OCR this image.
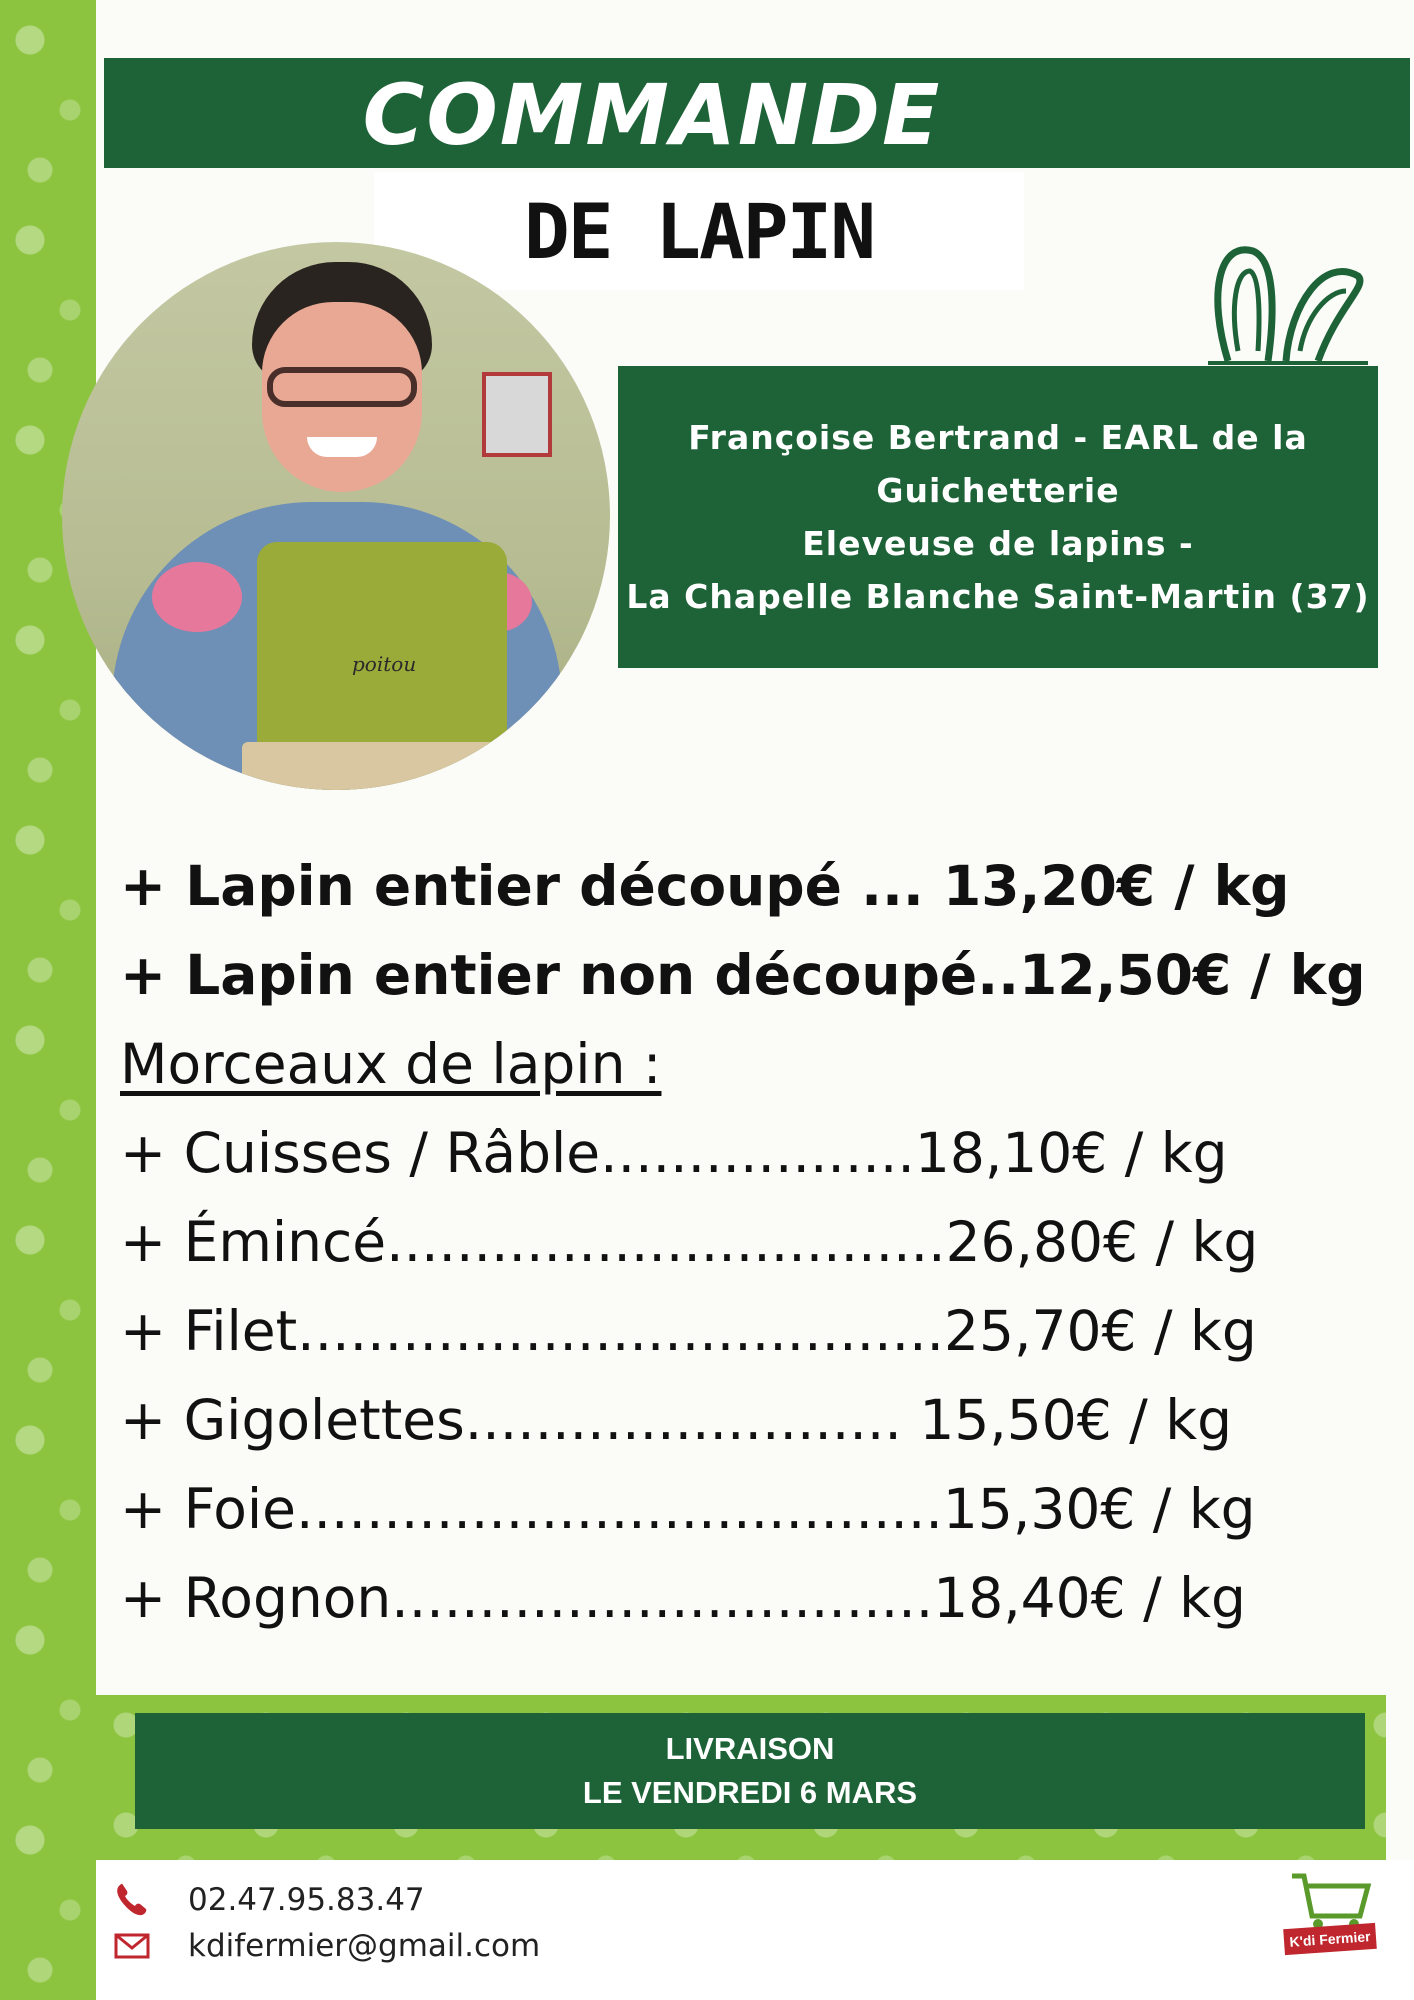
COMMANDE
DE LAPIN
poitou
Françoise Bertrand - EARL de la
Guichetterie
Eleveuse de lapins -
La Chapelle Blanche Saint-Martin (37)
+ Lapin entier découpé ... 13,20€ / kg
+ Lapin entier non découpé..12,50€ / kg
Morceaux de lapin :
+ Cuisses / Râble..................18,10€ / kg
+ Émincé................................26,80€ / kg
+ Filet.....................................25,70€ / kg
+ Gigolettes......................... 15,50€ / kg
+ Foie.....................................15,30€ / kg
+ Rognon...............................18,40€ / kg
LIVRAISON
LE VENDREDI 6 MARS
02.47.95.83.47
kdifermier@gmail.com	K'di Fermier
